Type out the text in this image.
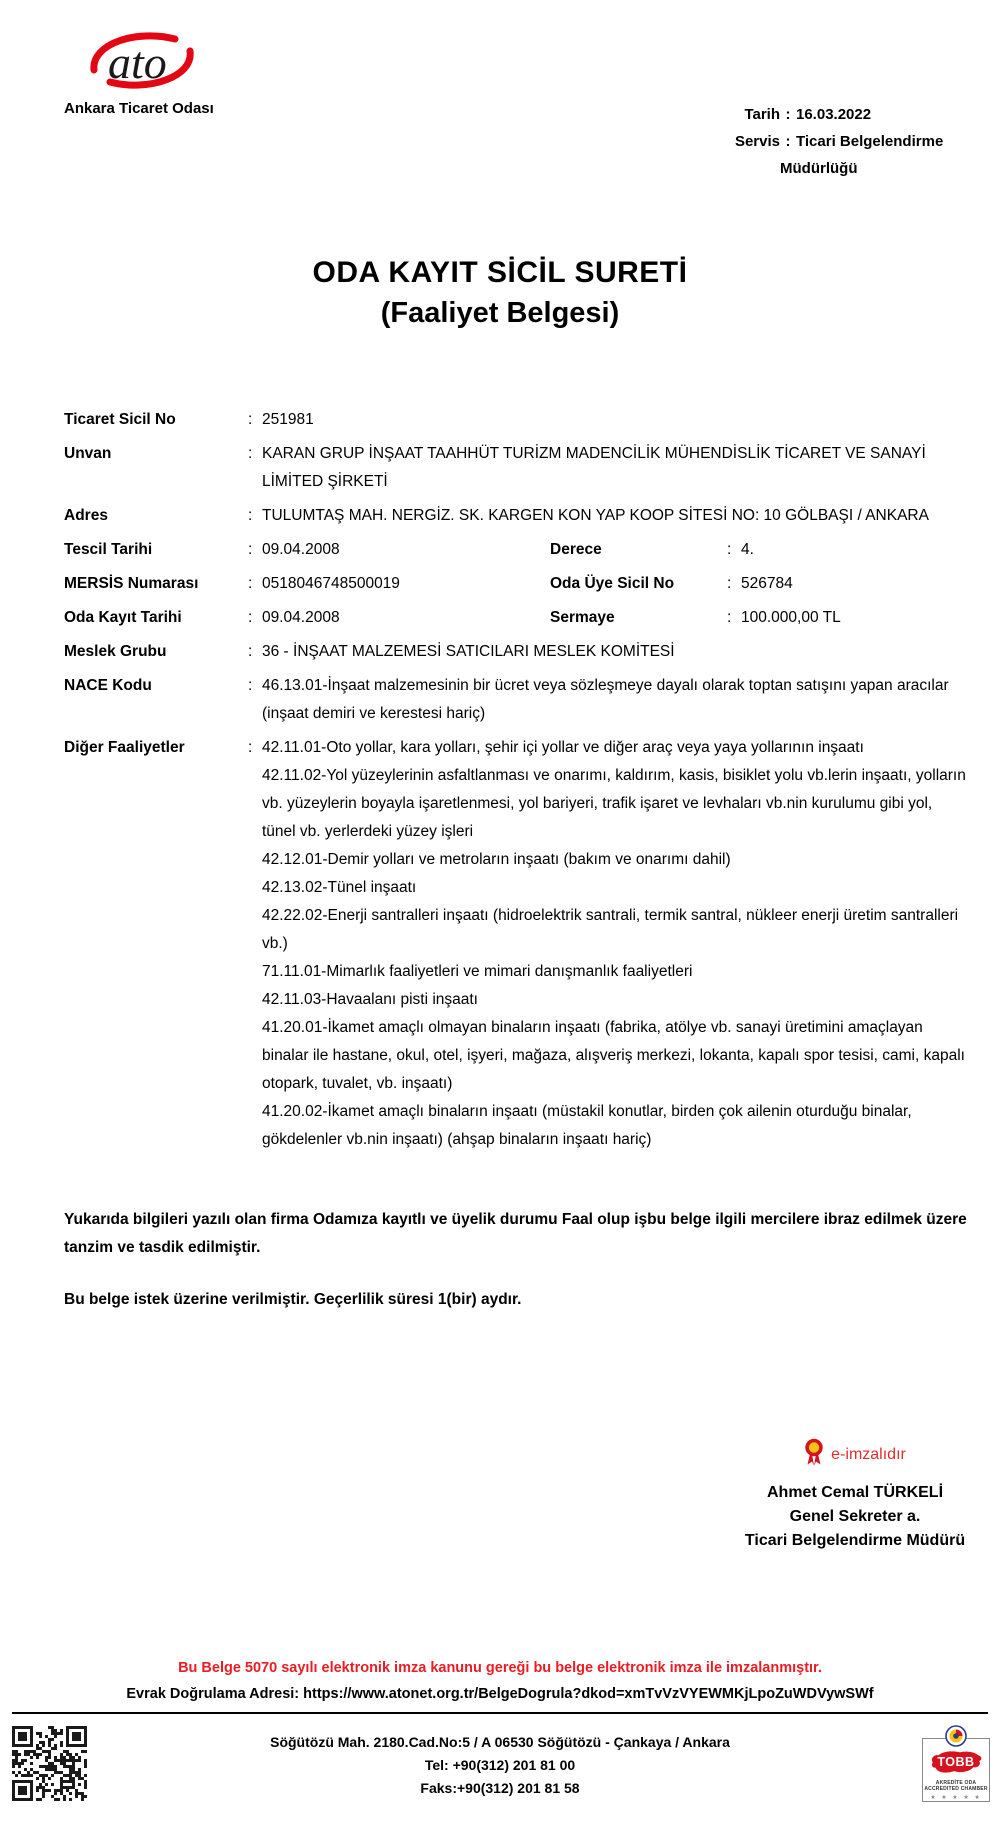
ato
Ankara Ticaret Odası	Tarih : 16.03.2022
Servis : Ticari Belgelendirme
Müdürlüğü
ODA KAYIT SİCİL SURETİ
(Faaliyet Belgesi)
Ticaret Sicil No	: 251981
Unvan	: KARAN GRUP İNŞAAT TAAHHÜT TURİZM MADENCİLİK MÜHENDİSLİK TİCARET VE SANAYİ LİMİTED ŞİRKETİ
Adres	: TULUMTAŞ MAH. NERGİZ. SK. KARGEN KON YAP KOOP SİTESİ NO: 10 GÖLBAŞI / ANKARA
Tescil Tarihi	: 09.04.2008	Derece	: 4.
MERSİS Numarası	: 0518046748500019	Oda Üye Sicil No	: 526784
Oda Kayıt Tarihi	: 09.04.2008	Sermaye	: 100.000,00 TL
Meslek Grubu	: 36 - İNŞAAT MALZEMESİ SATICILARI MESLEK KOMİTESİ
NACE Kodu	: 46.13.01-İnşaat malzemesinin bir ücret veya sözleşmeye dayalı olarak toptan satışını yapan aracılar (inşaat demiri ve kerestesi hariç)
Diğer Faaliyetler	: 42.11.01-Oto yollar, kara yolları, şehir içi yollar ve diğer araç veya yaya yollarının inşaatı
42.11.02-Yol yüzeylerinin asfaltlanması ve onarımı, kaldırım, kasis, bisiklet yolu vb.lerin inşaatı, yolların vb. yüzeylerin boyayla işaretlenmesi, yol bariyeri, trafik işaret ve levhaları vb.nin kurulumu gibi yol, tünel vb. yerlerdeki yüzey işleri
42.12.01-Demir yolları ve metroların inşaatı (bakım ve onarımı dahil)
42.13.02-Tünel inşaatı
42.22.02-Enerji santralleri inşaatı (hidroelektrik santrali, termik santral, nükleer enerji üretim santralleri vb.)
71.11.01-Mimarlık faaliyetleri ve mimari danışmanlık faaliyetleri
42.11.03-Havaalanı pisti inşaatı
41.20.01-İkamet amaçlı olmayan binaların inşaatı (fabrika, atölye vb. sanayi üretimini amaçlayan binalar ile hastane, okul, otel, işyeri, mağaza, alışveriş merkezi, lokanta, kapalı spor tesisi, cami, kapalı otopark, tuvalet, vb. inşaatı)
41.20.02-İkamet amaçlı binaların inşaatı (müstakil konutlar, birden çok ailenin oturduğu binalar, gökdelenler vb.nin inşaatı) (ahşap binaların inşaatı hariç)
Yukarıda bilgileri yazılı olan firma Odamıza kayıtlı ve üyelik durumu Faal olup işbu belge ilgili mercilere ibraz edilmek üzere tanzim ve tasdik edilmiştir.
Bu belge istek üzerine verilmiştir. Geçerlilik süresi 1(bir) aydır.
e-imzalıdır
Ahmet Cemal TÜRKELİ
Genel Sekreter a.
Ticari Belgelendirme Müdürü
Bu Belge 5070 sayılı elektronik imza kanunu gereği bu belge elektronik imza ile imzalanmıştır.
Evrak Doğrulama Adresi: https://www.atonet.org.tr/BelgeDogrula?dkod=xmTvVzVYEWMKjLpoZuWDVywSWf
Söğütözü Mah. 2180.Cad.No:5 / A 06530 Söğütözü - Çankaya / Ankara
Tel: +90(312) 201 81 00
Faks:+90(312) 201 81 58
TOBB
AKREDİTE ODA
ACCREDITED CHAMBER
★ ★ ★ ★ ★
